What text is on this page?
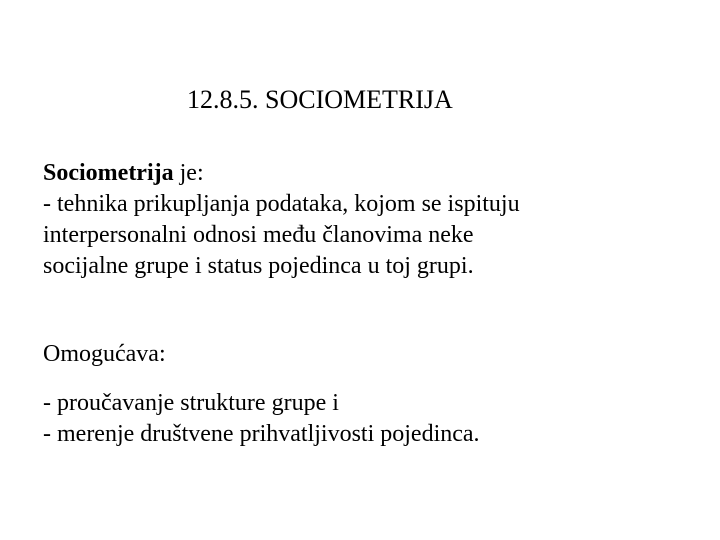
12.8.5. SOCIOMETRIJA
Sociometrija je:
- tehnika prikupljanja podataka, kojom se ispituju
interpersonalni odnosi među članovima neke
socijalne grupe i status pojedinca u toj grupi.
Omogućava:
- proučavanje strukture grupe i
- merenje društvene prihvatljivosti pojedinca.
